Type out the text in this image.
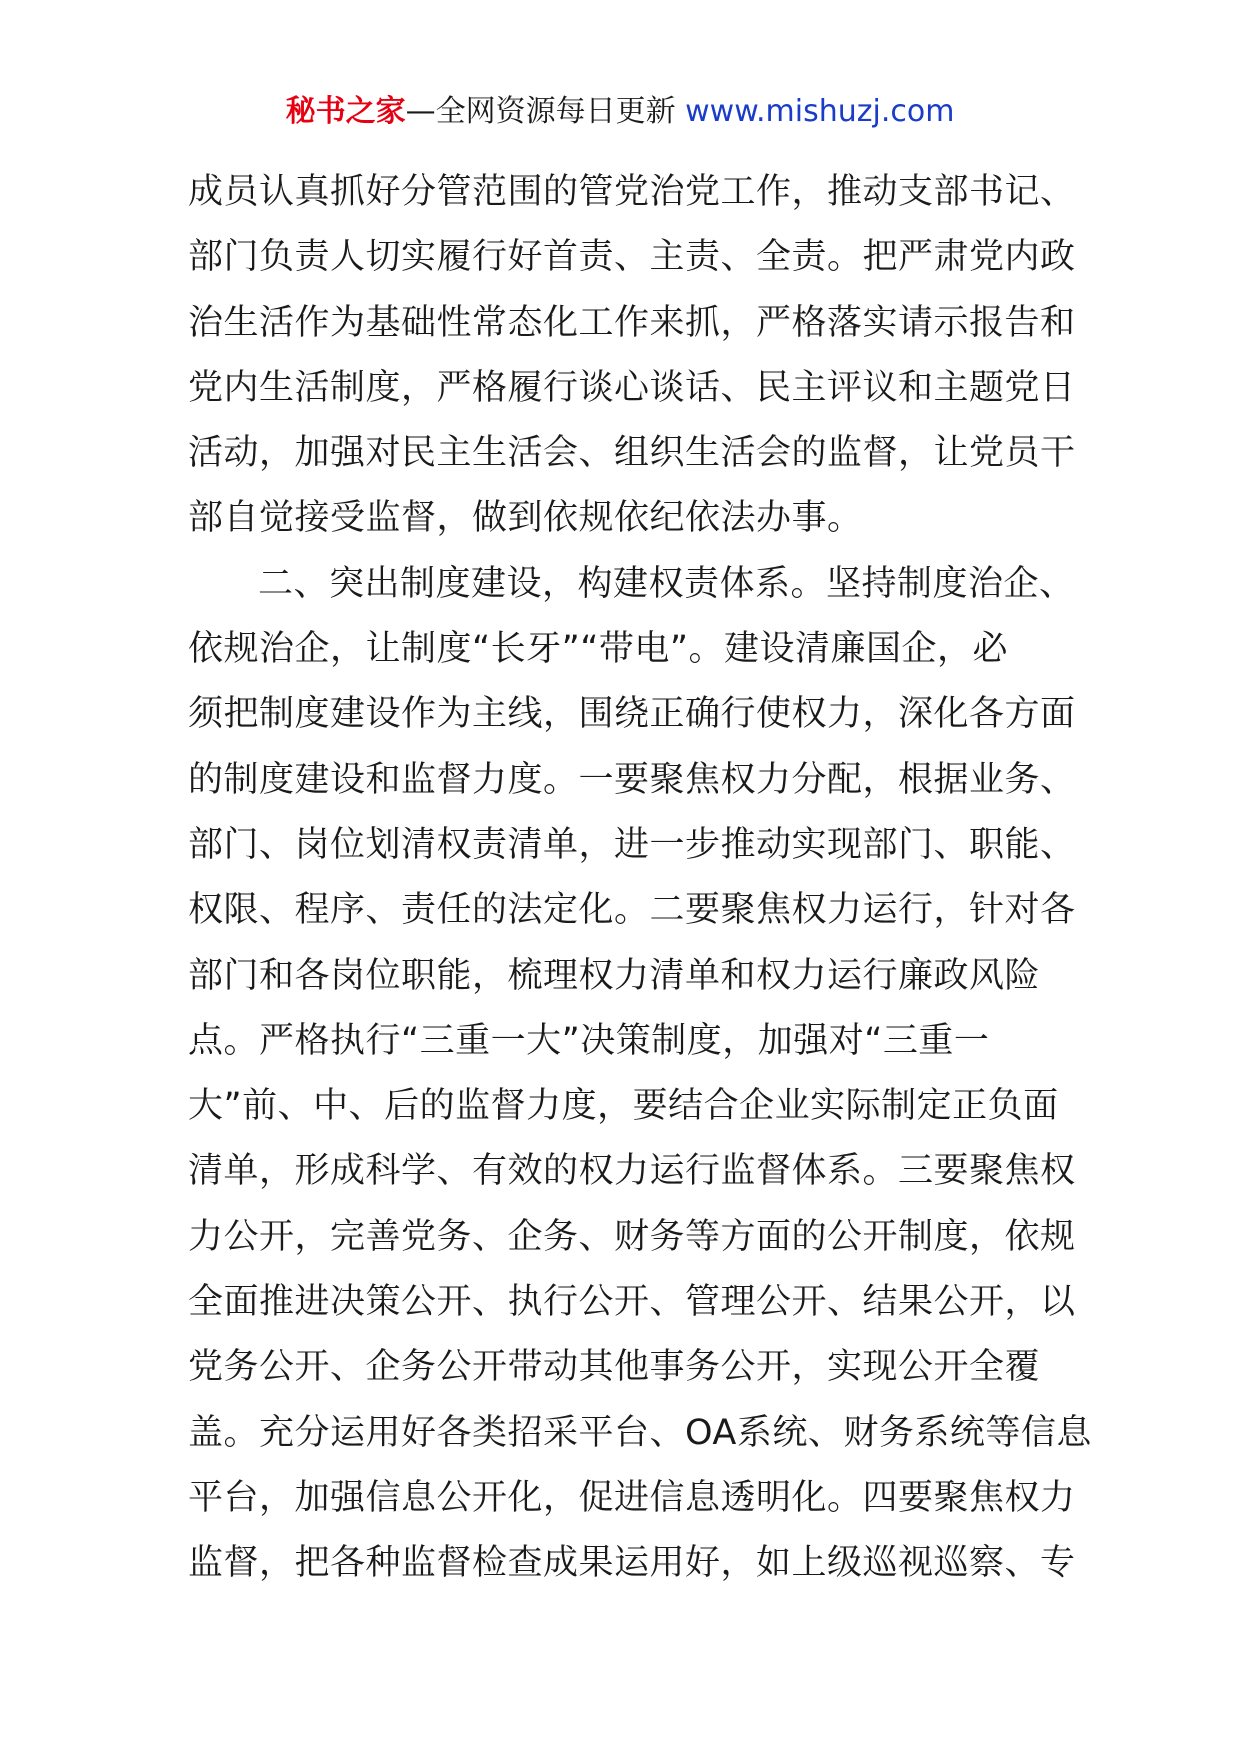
秘书之家—全网资源每日更新 www.mishuzj.com
成员认真抓好分管范围的管党治党工作，推动支部书记、
部门负责人切实履行好首责、主责、全责。把严肃党内政
治生活作为基础性常态化工作来抓，严格落实请示报告和
党内生活制度，严格履行谈心谈话、民主评议和主题党日
活动，加强对民主生活会、组织生活会的监督，让党员干
部自觉接受监督，做到依规依纪依法办事。
二、突出制度建设，构建权责体系。坚持制度治企、
依规治企，让制度“长牙”“带电”。建设清廉国企，必
须把制度建设作为主线，围绕正确行使权力，深化各方面
的制度建设和监督力度。一要聚焦权力分配，根据业务、
部门、岗位划清权责清单，进一步推动实现部门、职能、
权限、程序、责任的法定化。二要聚焦权力运行，针对各
部门和各岗位职能，梳理权力清单和权力运行廉政风险
点。严格执行“三重一大”决策制度，加强对“三重一
大”前、中、后的监督力度，要结合企业实际制定正负面
清单，形成科学、有效的权力运行监督体系。三要聚焦权
力公开，完善党务、企务、财务等方面的公开制度，依规
全面推进决策公开、执行公开、管理公开、结果公开，以
党务公开、企务公开带动其他事务公开，实现公开全覆
盖。充分运用好各类招采平台、OA系统、财务系统等信息
平台，加强信息公开化，促进信息透明化。四要聚焦权力
监督，把各种监督检查成果运用好，如上级巡视巡察、专
